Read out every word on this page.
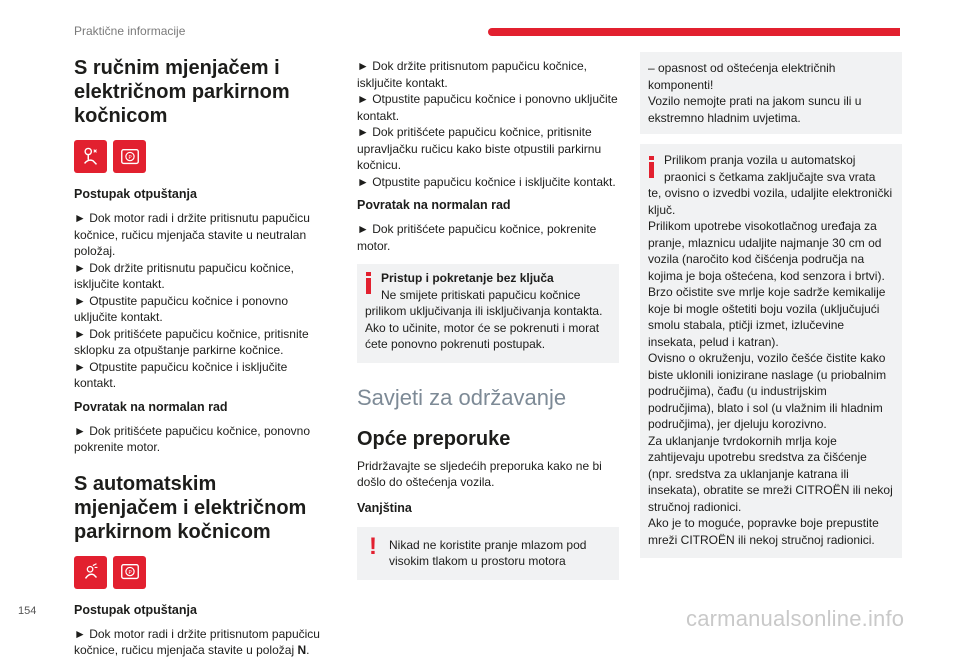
Praktične informacije
S ručnim mjenjačem i električnom parkirnom kočnicom
P
Postupak otpuštanja

► Dok motor radi i držite pritisnutu papučicu kočnice, ručicu mjenjača stavite u neutralan položaj.
► Dok držite pritisnutu papučicu kočnice, isključite kontakt.
► Otpustite papučicu kočnice i ponovno uključite kontakt.
► Dok pritišćete papučicu kočnice, pritisnite sklopku za otpuštanje parkirne kočnice.
► Otpustite papučicu kočnice i isključite kontakt.

Povratak na normalan rad

► Dok pritišćete papučicu kočnice, ponovno pokrenite motor.

S automatskim mjenjačem i električnom parkirnom kočnicom
P
Postupak otpuštanja

► Dok motor radi i držite pritisnutom papučicu kočnice, ručicu mjenjača stavite u položaj N.

► Dok držite pritisnutom papučicu kočnice, isključite kontakt.
► Otpustite papučicu kočnice i ponovno uključite kontakt.
► Dok pritišćete papučicu kočnice, pritisnite upravljačku ručicu kako biste otpustili parkirnu kočnicu.
► Otpustite papučicu kočnice i isključite kontakt.

Povratak na normalan rad

► Dok pritišćete papučicu kočnice, pokrenite motor.

Pristup i pokretanje bez ključa

Ne smijete pritiskati papučicu kočnice

prilikom uključivanja ili isključivanja kontakta. Ako to učinite, motor će se pokrenuti i morat ćete ponovno pokrenuti postupak.

Savjeti za održavanje
Opće preporuke

Pridržavajte se sljedećih preporuka kako ne bi došlo do oštećenja vozila.

Vanjština
! Nikad ne koristite pranje mlazom pod visokim tlakom u prostoru motora

– opasnost od oštećenja električnih komponenti!
Vozilo nemojte prati na jakom suncu ili u ekstremno hladnim uvjetima.

Prilikom pranja vozila u automatskoj praonici s četkama zaključajte sva vrata

te, ovisno o izvedbi vozila, udaljite elektronički ključ.
Prilikom upotrebe visokotlačnog uređaja za pranje, mlaznicu udaljite najmanje 30 cm od vozila (naročito kod čišćenja područja na kojima je boja oštećena, kod senzora i brtvi).
Brzo očistite sve mrlje koje sadrže kemikalije koje bi mogle oštetiti boju vozila (uključujući smolu stabala, ptičji izmet, izlučevine insekata, pelud i katran).
Ovisno o okruženju, vozilo češće čistite kako biste uklonili ionizirane naslage (u priobalnim područjima), čađu (u industrijskim područjima), blato i sol (u vlažnim ili hladnim područjima), jer djeluju korozivno.
Za uklanjanje tvrdokornih mrlja koje zahtijevaju upotrebu sredstva za čišćenje (npr. sredstva za uklanjanje katrana ili insekata), obratite se mreži CITROËN ili nekoj stručnoj radionici.
Ako je to moguće, popravke boje prepustite mreži CITROËN ili nekoj stručnoj radionici.

154	carmanualsonline.info
